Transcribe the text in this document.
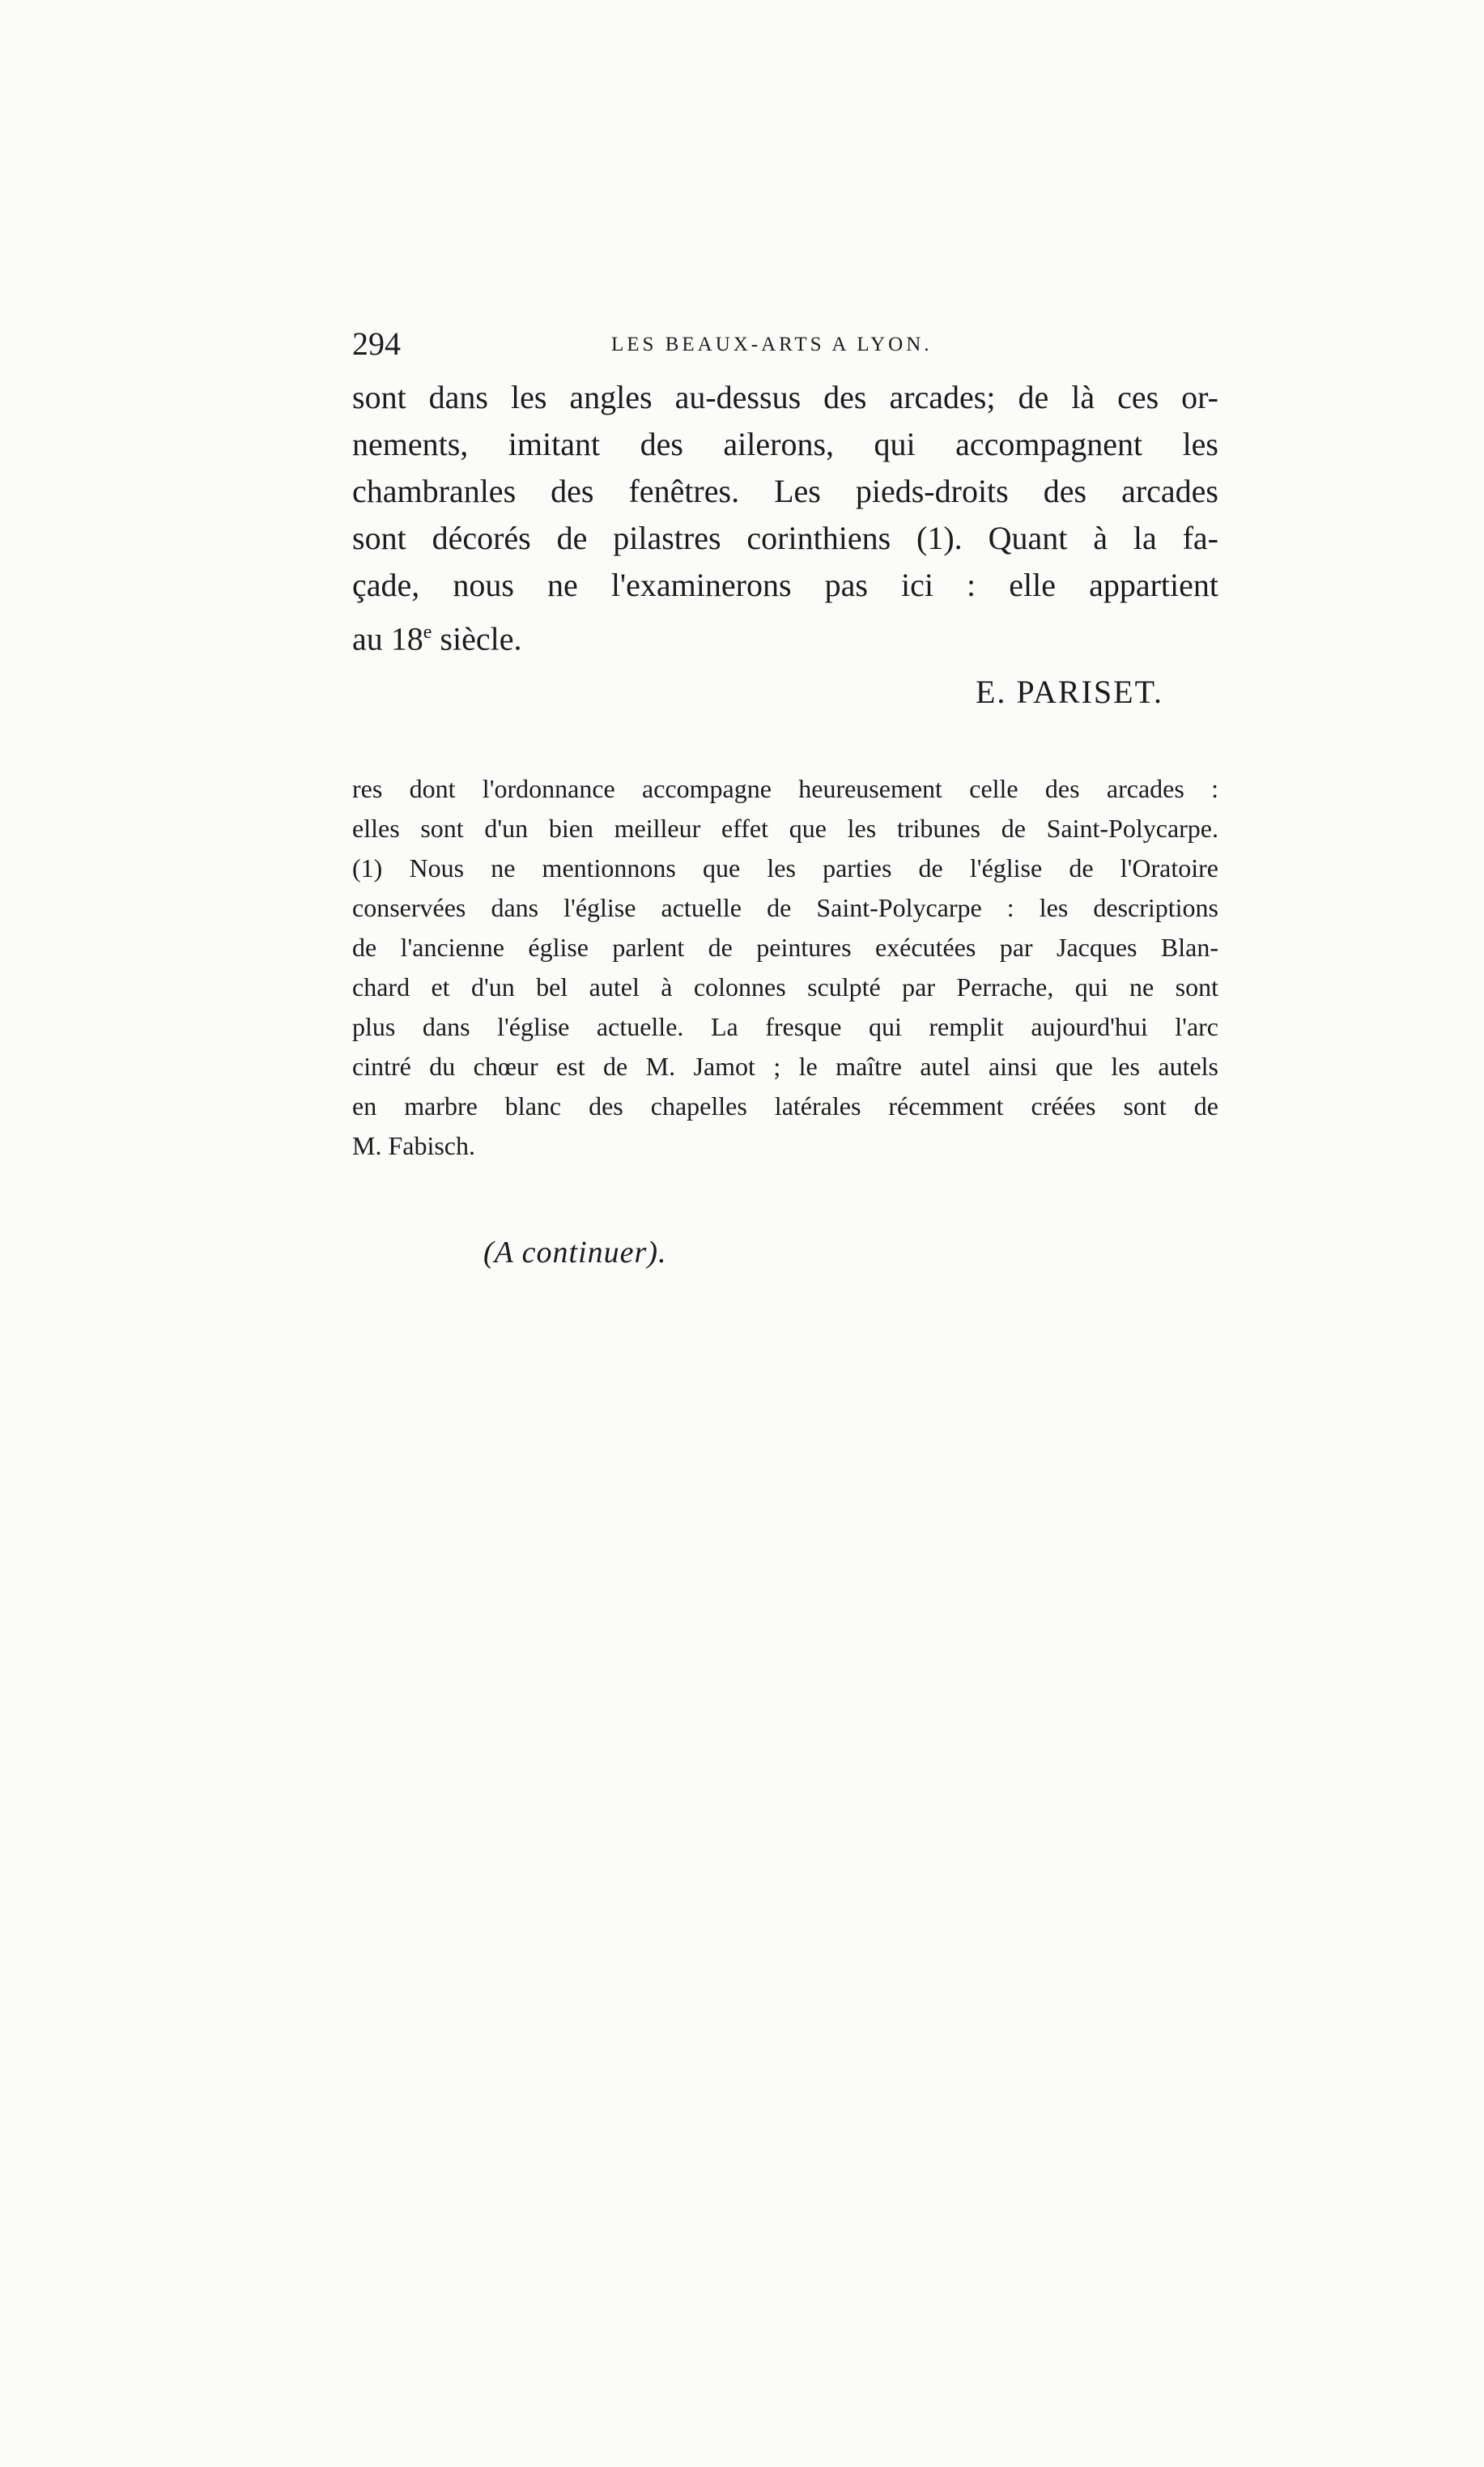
294	LES BEAUX-ARTS A LYON.
sont dans les angles au-dessus des arcades; de là ces or-
nements, imitant des ailerons, qui accompagnent les
chambranles des fenêtres. Les pieds-droits des arcades
sont décorés de pilastres corinthiens (1). Quant à la fa-
çade, nous ne l'examinerons pas ici : elle appartient
au 18e siècle.
E. PARISET.
res dont l'ordonnance accompagne heureusement celle des arcades :
elles sont d'un bien meilleur effet que les tribunes de Saint-Polycarpe.
(1) Nous ne mentionnons que les parties de l'église de l'Oratoire
conservées dans l'église actuelle de Saint-Polycarpe : les descriptions
de l'ancienne église parlent de peintures exécutées par Jacques Blan-
chard et d'un bel autel à colonnes sculpté par Perrache, qui ne sont
plus dans l'église actuelle. La fresque qui remplit aujourd'hui l'arc
cintré du chœur est de M. Jamot ; le maître autel ainsi que les autels
en marbre blanc des chapelles latérales récemment créées sont de
M. Fabisch.
(A continuer).
